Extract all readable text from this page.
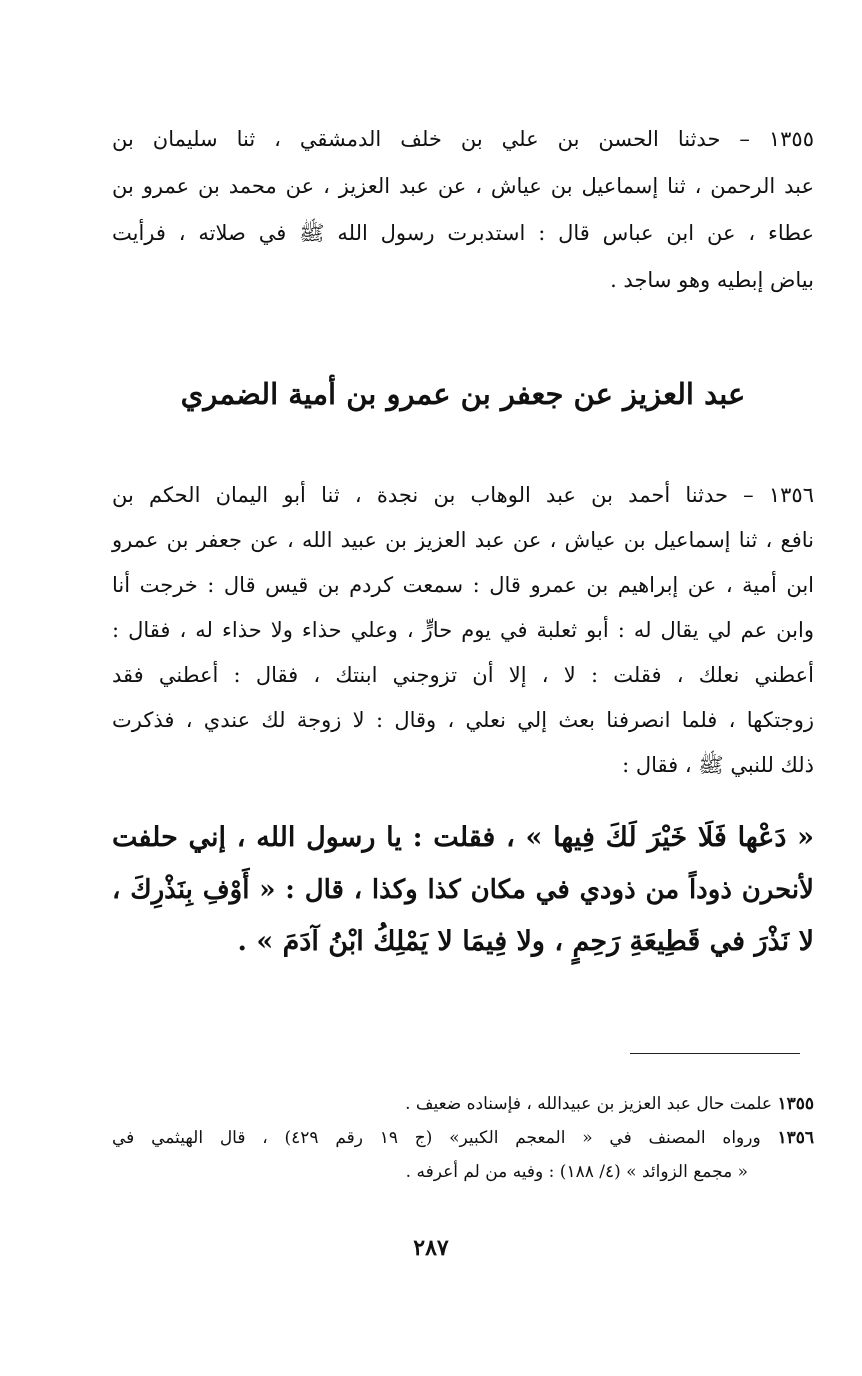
١٣٥٥ – حدثنا الحسن بن علي بن خلف الدمشقي ، ثنا سليمان بن
عبد الرحمن ، ثنا إسماعيل بن عياش ، عن عبد العزيز ، عن محمد بن عمرو بن
عطاء ، عن ابن عباس قال : استدبرت رسول الله ﷺ في صلاته ، فرأيت
بياض إبطيه وهو ساجد .
عبد العزيز عن جعفر بن عمرو بن أمية الضمري
١٣٥٦ – حدثنا أحمد بن عبد الوهاب بن نجدة ، ثنا أبو اليمان الحكم بن
نافع ، ثنا إسماعيل بن عياش ، عن عبد العزيز بن عبيد الله ، عن جعفر بن عمرو
ابن أمية ، عن إبراهيم بن عمرو قال : سمعت كردم بن قيس قال : خرجت أنا
وابن عم لي يقال له : أبو ثعلبة في يوم حارٍّ ، وعلي حذاء ولا حذاء له ، فقال :
أعطني نعلك ، فقلت : لا ، إلا أن تزوجني ابنتك ، فقال : أعطني فقد
زوجتكها ، فلما انصرفنا بعث إلي نعلي ، وقال : لا زوجة لك عندي ، فذكرت
ذلك للنبي ﷺ ، فقال :
« دَعْها فَلَا خَيْرَ لَكَ فِيها » ، فقلت : يا رسول الله ، إني حلفت
لأنحرن ذوداً من ذودي في مكان كذا وكذا ، قال : « أَوْفِ بِنَذْرِكَ ،
لا نَذْرَ في قَطِيعَةِ رَحِمٍ ، ولا فِيمَا لا يَمْلِكُ ابْنُ آدَمَ » .
١٣٥٥ علمت حال عبد العزيز بن عبيدالله ، فإسناده ضعيف .
١٣٥٦ ورواه المصنف في « المعجم الكبير» (ج ١٩ رقم ٤٢٩) ، قال الهيثمي في
« مجمع الزوائد » (٤/ ١٨٨) : وفيه من لم أعرفه .
٢٨٧
